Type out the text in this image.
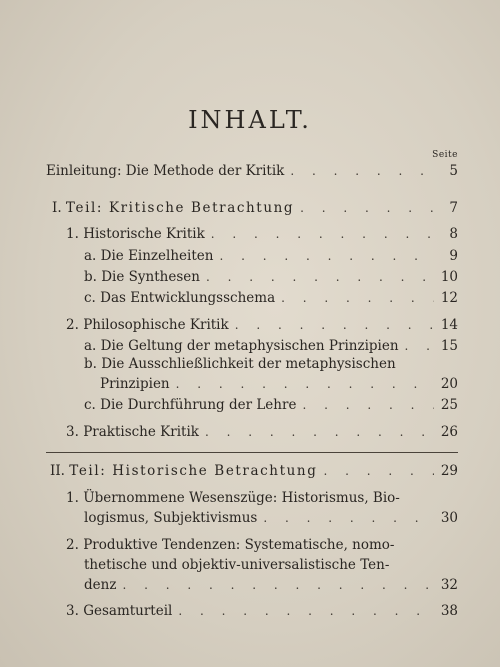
INHALT.
Seite
Einleitung: Die Methode der Kritik . . .	5
I. Teil: Kritische Betrachtung . . .	7
1. Historische Kritik . . .	8
a. Die Einzelheiten . . .	9
b. Die Synthesen . . .	10
c. Das Entwicklungsschema . . .	12
2. Philosophische Kritik . . .	14
a. Die Geltung der metaphysischen Prinzipien . . .	15
b. Die Ausschließlichkeit der metaphysischen
Prinzipien . . .	20
c. Die Durchführung der Lehre . . .	25
3. Praktische Kritik . . .	26
II. Teil: Historische Betrachtung . . .	29
1. Übernommene Wesenszüge: Historismus, Bio-
logismus, Subjektivismus . . .	30
2. Produktive Tendenzen: Systematische, nomo-
thetische und objektiv-universalistische Ten-
denz . . .	32
3. Gesamturteil . . .	38
